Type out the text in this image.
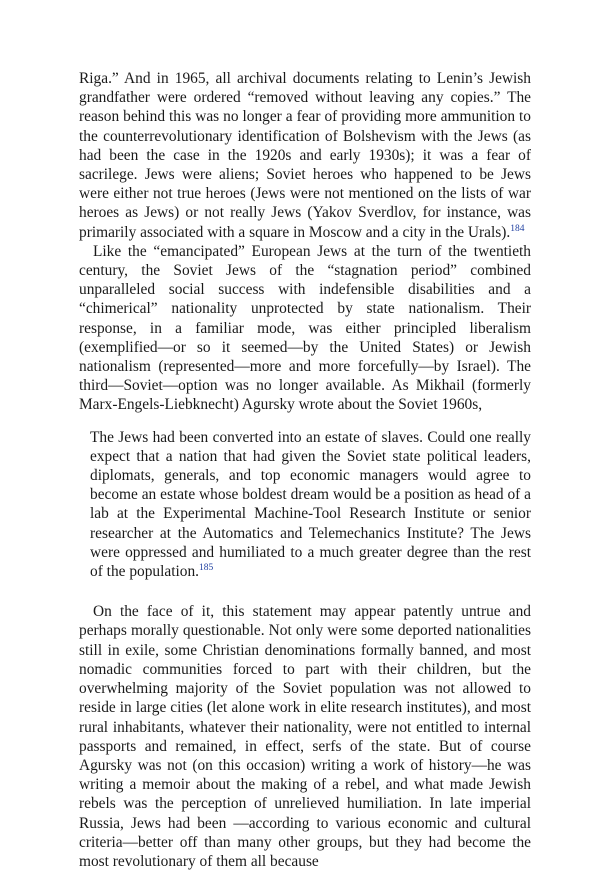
Riga.” And in 1965, all archival documents relating to Lenin’s Jewish grandfather were ordered “removed without leaving any copies.” The reason behind this was no longer a fear of providing more ammunition to the counterrevolutionary identification of Bolshevism with the Jews (as had been the case in the 1920s and early 1930s); it was a fear of sacrilege. Jews were aliens; Soviet heroes who happened to be Jews were either not true heroes (Jews were not mentioned on the lists of war heroes as Jews) or not really Jews (Yakov Sverdlov, for instance, was primarily associated with a square in Moscow and a city in the Urals).$^{184}$

Like the “emancipated” European Jews at the turn of the twentieth century, the Soviet Jews of the “stagnation period” combined unparalleled social success with indefensible disabilities and a “chimerical” nationality unprotected by state nationalism. Their response, in a familiar mode, was either principled liberalism (exemplified—or so it seemed—by the United States) or Jewish nationalism (represented—more and more forcefully—by Israel). The third—Soviet—option was no longer available. As Mikhail (formerly Marx-Engels-Liebknecht) Agursky wrote about the Soviet 1960s,

The Jews had been converted into an estate of slaves. Could one really expect that a nation that had given the Soviet state political leaders, diplomats, generals, and top economic managers would agree to become an estate whose boldest dream would be a position as head of a lab at the Experimental Machine-Tool Research Institute or senior researcher at the Automatics and Telemechanics Institute? The Jews were oppressed and humiliated to a much greater degree than the rest of the population.$^{185}$

On the face of it, this statement may appear patently untrue and perhaps morally questionable. Not only were some deported nationalities still in exile, some Christian denominations formally banned, and most nomadic communities forced to part with their children, but the overwhelming majority of the Soviet population was not allowed to reside in large cities (let alone work in elite research institutes), and most rural inhabitants, whatever their nationality, were not entitled to internal passports and remained, in effect, serfs of the state. But of course Agursky was not (on this occasion) writing a work of history—he was writing a memoir about the making of a rebel, and what made Jewish rebels was the perception of unrelieved humiliation. In late imperial Russia, Jews had been —according to various economic and cultural criteria—better off than many other groups, but they had become the most revolutionary of them all because
